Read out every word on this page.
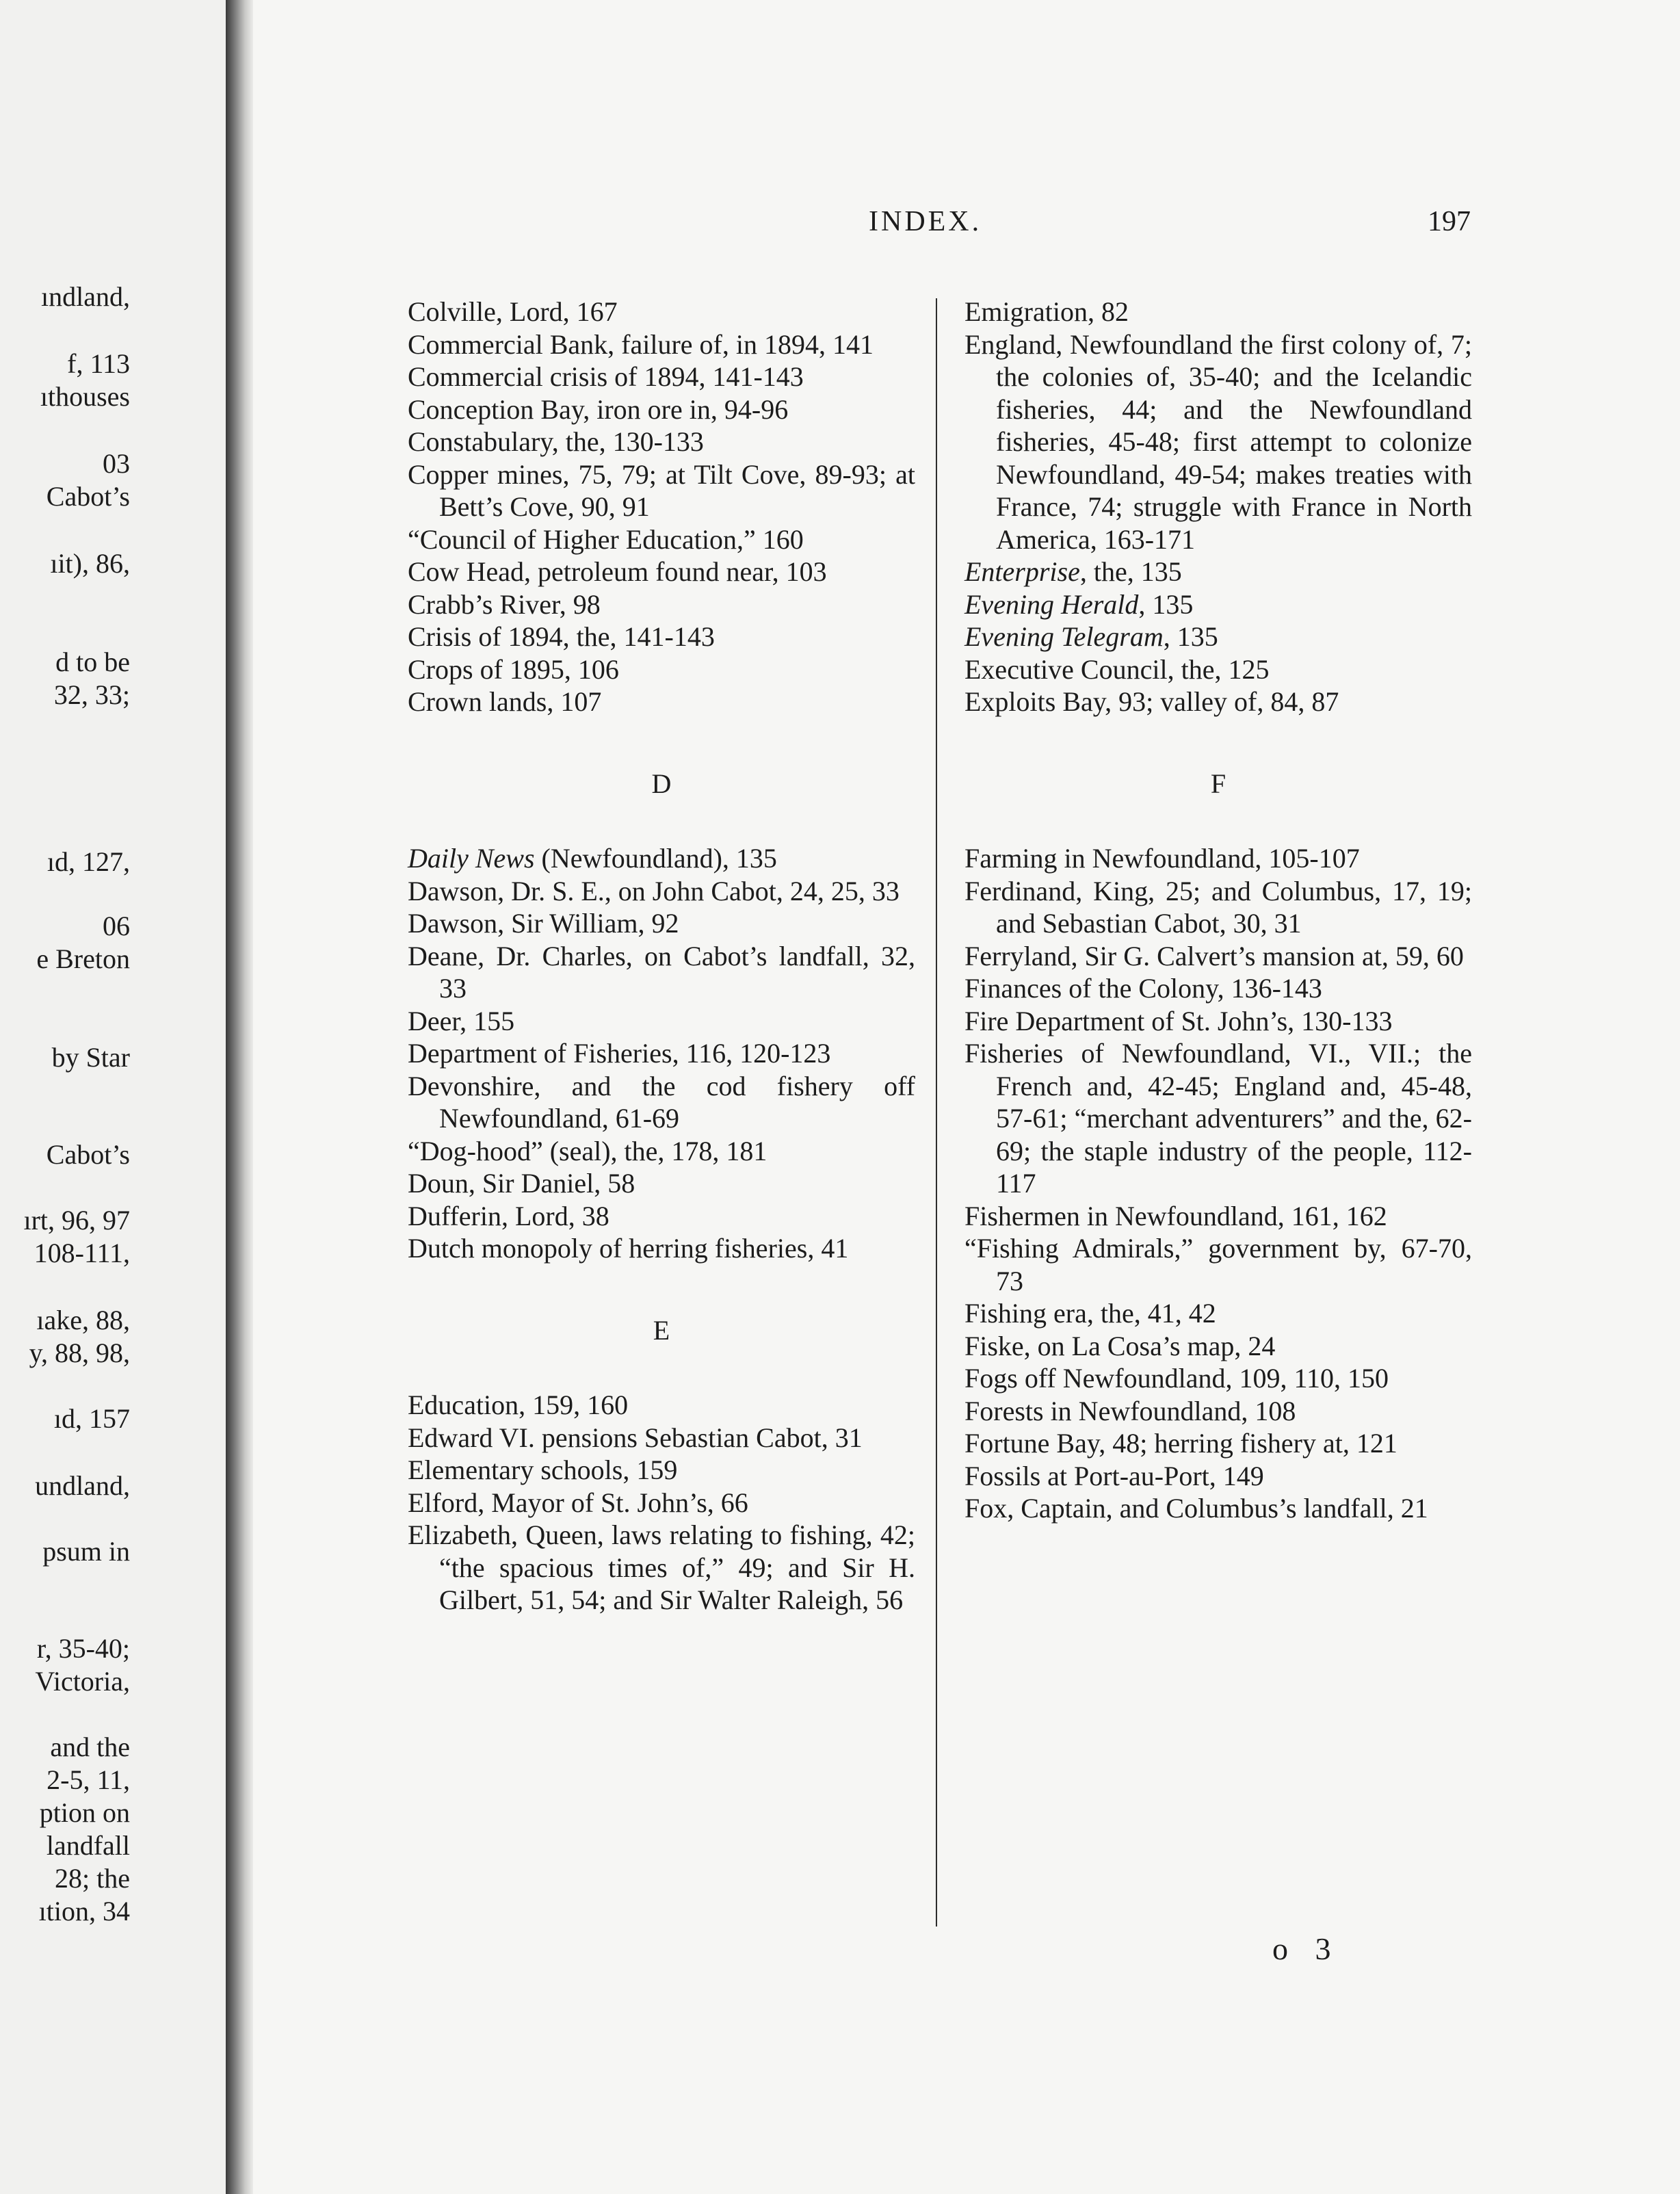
ındland,
f, 113
ıthouses
03
Cabot’s
ıit), 86,
d to be
32, 33;
ıd, 127,
06
e Breton
by Star
Cabot’s
ırt, 96, 97
108-111,
ıake, 88,
y, 88, 98,
ıd, 157
undland,
psum in
r, 35-40;
Victoria,
and the
2-5, 11,
ption on
landfall
28; the
ıtion, 34
INDEX.	197
Colville, Lord, 167
Commercial Bank, failure of, in 1894, 141
Commercial crisis of 1894, 141-143
Conception Bay, iron ore in, 94-96
Constabulary, the, 130-133
Copper mines, 75, 79; at Tilt Cove, 89-93; at Bett’s Cove, 90, 91
“Council of Higher Education,” 160
Cow Head, petroleum found near, 103
Crabb’s River, 98
Crisis of 1894, the, 141-143
Crops of 1895, 106
Crown lands, 107
D
Daily News (Newfoundland), 135
Dawson, Dr. S. E., on John Cabot, 24, 25, 33
Dawson, Sir William, 92
Deane, Dr. Charles, on Cabot’s landfall, 32, 33
Deer, 155
Department of Fisheries, 116, 120-123
Devonshire, and the cod fishery off Newfoundland, 61-69
“Dog-hood” (seal), the, 178, 181
Doun, Sir Daniel, 58
Dufferin, Lord, 38
Dutch monopoly of herring fisheries, 41
E
Education, 159, 160
Edward VI. pensions Sebastian Cabot, 31
Elementary schools, 159
Elford, Mayor of St. John’s, 66
Elizabeth, Queen, laws relating to fishing, 42; “the spacious times of,” 49; and Sir H. Gilbert, 51, 54; and Sir Walter Raleigh, 56
Emigration, 82
England, Newfoundland the first colony of, 7; the colonies of, 35-40; and the Icelandic fisheries, 44; and the Newfoundland fisheries, 45-48; first attempt to colonize Newfoundland, 49-54; makes treaties with France, 74; struggle with France in North America, 163-171
Enterprise, the, 135
Evening Herald, 135
Evening Telegram, 135
Executive Council, the, 125
Exploits Bay, 93; valley of, 84, 87
F
Farming in Newfoundland, 105-107
Ferdinand, King, 25; and Columbus, 17, 19; and Sebastian Cabot, 30, 31
Ferryland, Sir G. Calvert’s mansion at, 59, 60
Finances of the Colony, 136-143
Fire Department of St. John’s, 130-133
Fisheries of Newfoundland, VI., VII.; the French and, 42-45; England and, 45-48, 57-61; “merchant adventurers” and the, 62-69; the staple industry of the people, 112-117
Fishermen in Newfoundland, 161, 162
“Fishing Admirals,” government by, 67-70, 73
Fishing era, the, 41, 42
Fiske, on La Cosa’s map, 24
Fogs off Newfoundland, 109, 110, 150
Forests in Newfoundland, 108
Fortune Bay, 48; herring fishery at, 121
Fossils at Port-au-Port, 149
Fox, Captain, and Columbus’s landfall, 21
o 3
